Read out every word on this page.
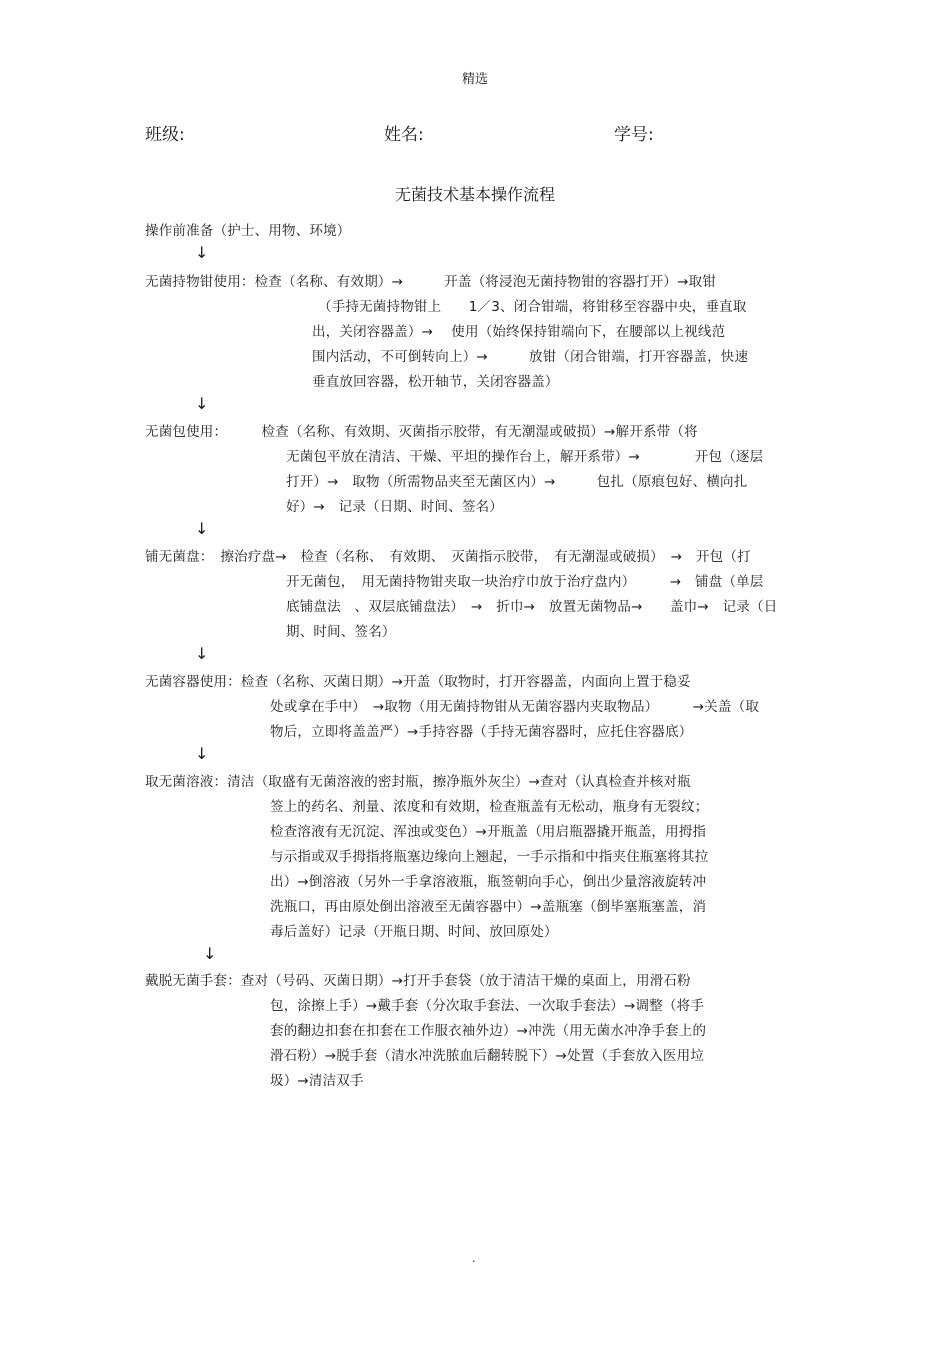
精选
班级:	姓名:	学号:
无菌技术基本操作流程
操作前准备（护士、用物、环境）
↓
无菌持物钳使用：检查（名称、有效期）→　　　开盖（将浸泡无菌持物钳的容器打开）→取钳
（手持无菌持物钳上　　1／3、闭合钳端，将钳移至容器中央，垂直取
出，关闭容器盖）→　 使用（始终保持钳端向下，在腰部以上视线范
围内活动，不可倒转向上）→　　　放钳（闭合钳端，打开容器盖，快速
垂直放回容器，松开轴节，关闭容器盖）
↓
无菌包使用：　　　检查（名称、有效期、灭菌指示胶带，有无潮湿或破损）→解开系带（将
无菌包平放在清洁、干燥、平坦的操作台上，解开系带）→　　　　开包（逐层
打开）→　取物（所需物品夹至无菌区内）→　　　包扎（原痕包好、横向扎
好）→　记录（日期、时间、签名）
↓
铺无菌盘：　擦治疗盘→　检查（名称、　有效期、　灭菌指示胶带，　有无潮湿或破损）　→　开包（打
开无菌包，　用无菌持物钳夹取一块治疗巾放于治疗盘内）　　　→　铺盘（单层
底铺盘法　、双层底铺盘法）　→　折巾→　放置无菌物品→　　盖巾→　记录（日
期、时间、签名）
↓
无菌容器使用：检查（名称、灭菌日期）→开盖（取物时，打开容器盖，内面向上置于稳妥
处或拿在手中）　→取物（用无菌持物钳从无菌容器内夹取物品）　　　→关盖（取
物后，立即将盖盖严）→手持容器（手持无菌容器时，应托住容器底）
↓
取无菌溶液：清洁（取盛有无菌溶液的密封瓶，擦净瓶外灰尘）→查对（认真检查并核对瓶
签上的药名、剂量、浓度和有效期，检查瓶盖有无松动，瓶身有无裂纹；
检查溶液有无沉淀、浑浊或变色）→开瓶盖（用启瓶器撬开瓶盖，用拇指
与示指或双手拇指将瓶塞边缘向上翘起，一手示指和中指夹住瓶塞将其拉
出）→倒溶液（另外一手拿溶液瓶，瓶签朝向手心，倒出少量溶液旋转冲
洗瓶口，再由原处倒出溶液至无菌容器中）→盖瓶塞（倒毕塞瓶塞盖，消
毒后盖好）记录（开瓶日期、时间、放回原处）
↓
戴脱无菌手套：查对（号码、灭菌日期）→打开手套袋（放于清洁干燥的桌面上，用滑石粉
包，涂擦上手）→戴手套（分次取手套法、一次取手套法）→调整（将手
套的翻边扣套在扣套在工作服衣袖外边）→冲洗（用无菌水冲净手套上的
滑石粉）→脱手套（清水冲洗脓血后翻转脱下）→处置（手套放入医用垃
圾）→清洁双手
.
